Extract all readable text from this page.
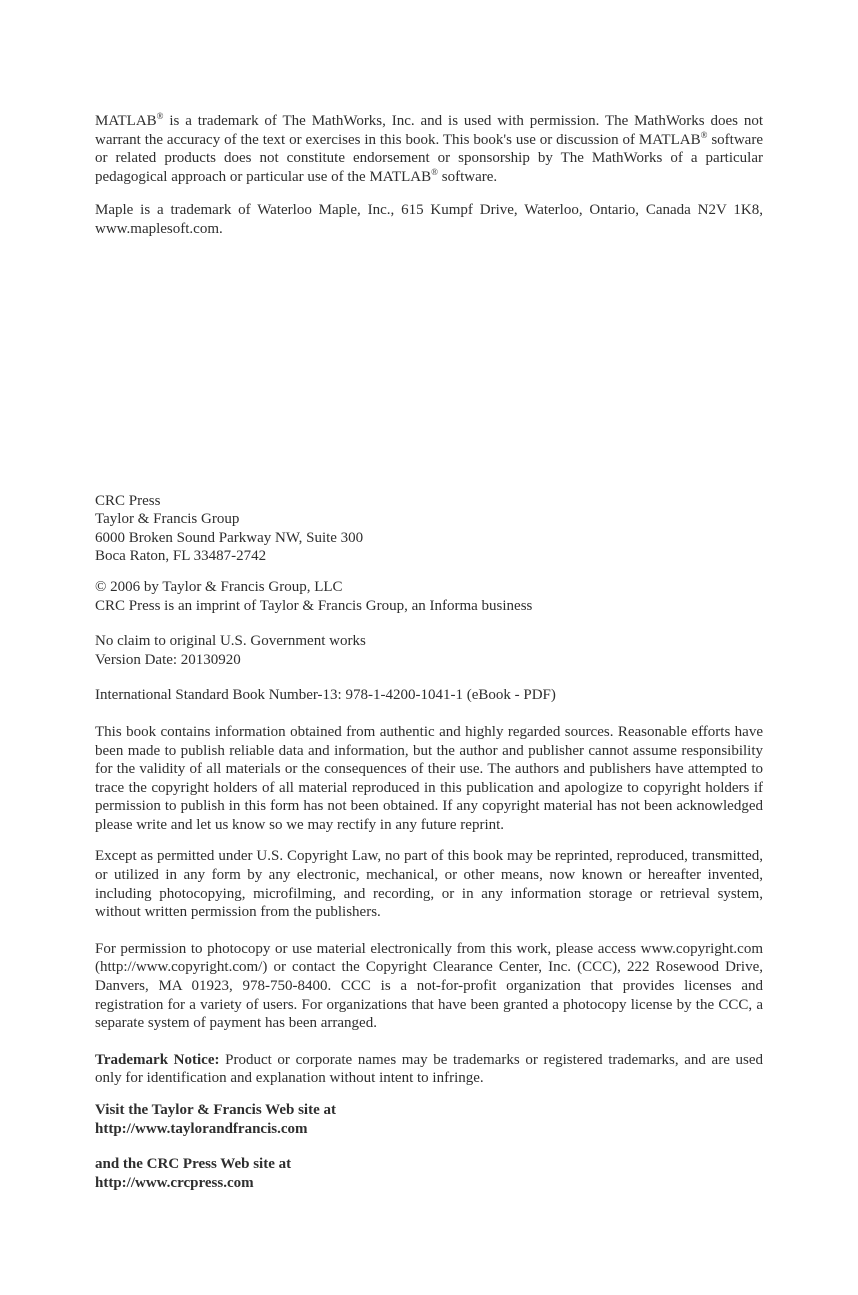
MATLAB® is a trademark of The MathWorks, Inc. and is used with permission. The MathWorks does not warrant the accuracy of the text or exercises in this book. This book's use or discussion of MATLAB® software or related products does not constitute endorsement or sponsorship by The MathWorks of a particular pedagogical approach or particular use of the MATLAB® software.

Maple is a trademark of Waterloo Maple, Inc., 615 Kumpf Drive, Waterloo, Ontario, Canada N2V 1K8, www.maplesoft.com.

CRC Press
Taylor & Francis Group
6000 Broken Sound Parkway NW, Suite 300
Boca Raton, FL 33487-2742
© 2006 by Taylor & Francis Group, LLC
CRC Press is an imprint of Taylor & Francis Group, an Informa business
No claim to original U.S. Government works
Version Date: 20130920

International Standard Book Number-13: 978-1-4200-1041-1 (eBook - PDF)

This book contains information obtained from authentic and highly regarded sources. Reasonable efforts have been made to publish reliable data and information, but the author and publisher cannot assume responsibility for the validity of all materials or the consequences of their use. The authors and publishers have attempted to trace the copyright holders of all material reproduced in this publication and apologize to copyright holders if permission to publish in this form has not been obtained. If any copyright material has not been acknowledged please write and let us know so we may rectify in any future reprint.

Except as permitted under U.S. Copyright Law, no part of this book may be reprinted, reproduced, transmitted, or utilized in any form by any electronic, mechanical, or other means, now known or hereafter invented, including photocopying, microfilming, and recording, or in any information storage or retrieval system, without written permission from the publishers.

For permission to photocopy or use material electronically from this work, please access www.copyright.com (http://www.copyright.com/) or contact the Copyright Clearance Center, Inc. (CCC), 222 Rosewood Drive, Danvers, MA 01923, 978-750-8400. CCC is a not-for-profit organization that provides licenses and registration for a variety of users. For organizations that have been granted a photocopy license by the CCC, a separate system of payment has been arranged.

Trademark Notice: Product or corporate names may be trademarks or registered trademarks, and are used only for identification and explanation without intent to infringe.

Visit the Taylor & Francis Web site at
http://www.taylorandfrancis.com
and the CRC Press Web site at
http://www.crcpress.com
